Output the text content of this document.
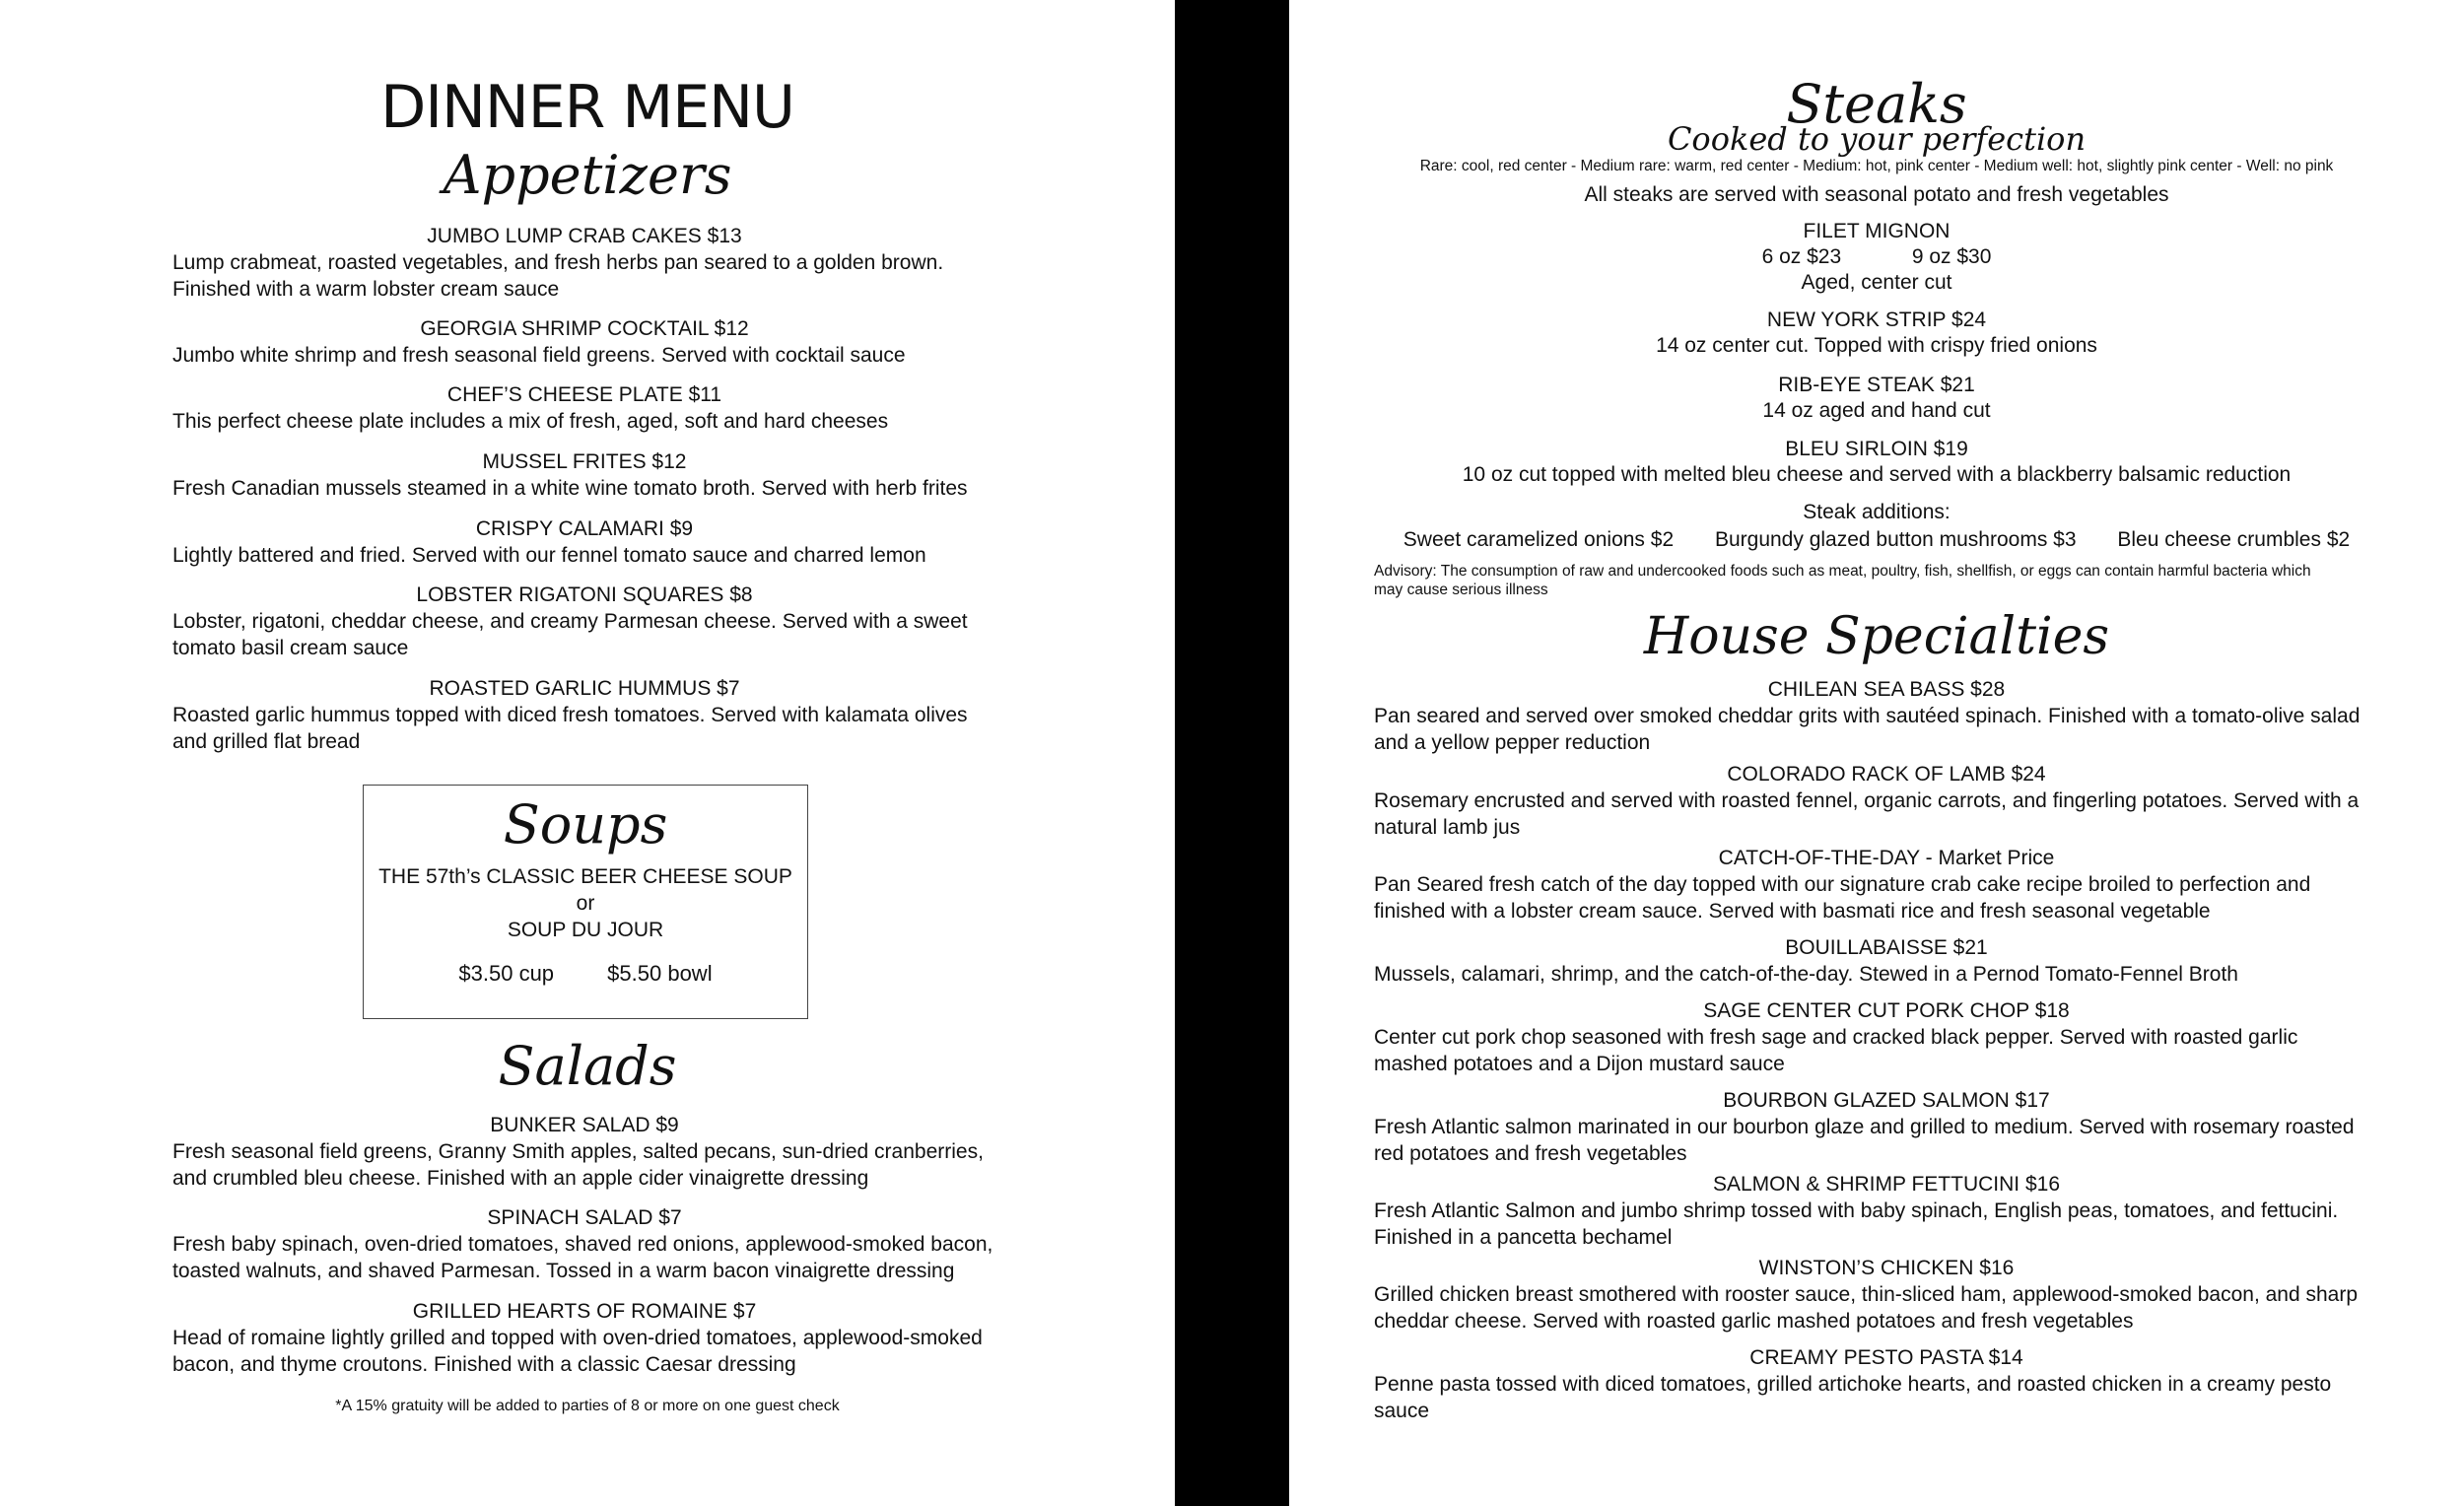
DINNER MENU
Appetizers
JUMBO LUMP CRAB CAKES $13
Lump crabmeat, roasted vegetables, and fresh herbs pan seared to a golden brown.
Finished with a warm lobster cream sauce
GEORGIA SHRIMP COCKTAIL $12
Jumbo white shrimp and fresh seasonal field greens. Served with cocktail sauce
CHEF’S CHEESE PLATE $11
This perfect cheese plate includes a mix of fresh, aged, soft and hard cheeses
MUSSEL FRITES $12
Fresh Canadian mussels steamed in a white wine tomato broth. Served with herb frites
CRISPY CALAMARI $9
Lightly battered and fried. Served with our fennel tomato sauce and charred lemon
LOBSTER RIGATONI SQUARES $8
Lobster, rigatoni, cheddar cheese, and creamy Parmesan cheese. Served with a sweet
tomato basil cream sauce
ROASTED GARLIC HUMMUS $7
Roasted garlic hummus topped with diced fresh tomatoes. Served with kalamata olives
and grilled flat bread
Soups
THE 57th’s CLASSIC BEER CHEESE SOUP
or
SOUP DU JOUR
$3.50 cup $5.50 bowl
Salads
BUNKER SALAD $9
Fresh seasonal field greens, Granny Smith apples, salted pecans, sun-dried cranberries,
and crumbled bleu cheese. Finished with an apple cider vinaigrette dressing
SPINACH SALAD $7
Fresh baby spinach, oven-dried tomatoes, shaved red onions, applewood-smoked bacon,
toasted walnuts, and shaved Parmesan. Tossed in a warm bacon vinaigrette dressing
GRILLED HEARTS OF ROMAINE $7
Head of romaine lightly grilled and topped with oven-dried tomatoes, applewood-smoked
bacon, and thyme croutons. Finished with a classic Caesar dressing
*A 15% gratuity will be added to parties of 8 or more on one guest check
Steaks
Cooked to your perfection
Rare: cool, red center - Medium rare: warm, red center - Medium: hot, pink center - Medium well: hot, slightly pink center - Well: no pink
All steaks are served with seasonal potato and fresh vegetables
FILET MIGNON
6 oz $23	9 oz $30
Aged, center cut
NEW YORK STRIP $24
14 oz center cut. Topped with crispy fried onions
RIB-EYE STEAK $21
14 oz aged and hand cut
BLEU SIRLOIN $19
10 oz cut topped with melted bleu cheese and served with a blackberry balsamic reduction
Steak additions:
Sweet caramelized onions $2 Burgundy glazed button mushrooms $3 Bleu cheese crumbles $2
Advisory: The consumption of raw and undercooked foods such as meat, poultry, fish, shellfish, or eggs can contain harmful bacteria which
may cause serious illness
House Specialties
CHILEAN SEA BASS $28
Pan seared and served over smoked cheddar grits with sautéed spinach. Finished with a tomato-olive salad
and a yellow pepper reduction
COLORADO RACK OF LAMB $24
Rosemary encrusted and served with roasted fennel, organic carrots, and fingerling potatoes. Served with a
natural lamb jus
CATCH-OF-THE-DAY - Market Price
Pan Seared fresh catch of the day topped with our signature crab cake recipe broiled to perfection and
finished with a lobster cream sauce. Served with basmati rice and fresh seasonal vegetable
BOUILLABAISSE $21
Mussels, calamari, shrimp, and the catch-of-the-day. Stewed in a Pernod Tomato-Fennel Broth
SAGE CENTER CUT PORK CHOP $18
Center cut pork chop seasoned with fresh sage and cracked black pepper. Served with roasted garlic
mashed potatoes and a Dijon mustard sauce
BOURBON GLAZED SALMON $17
Fresh Atlantic salmon marinated in our bourbon glaze and grilled to medium. Served with rosemary roasted
red potatoes and fresh vegetables
SALMON & SHRIMP FETTUCINI $16
Fresh Atlantic Salmon and jumbo shrimp tossed with baby spinach, English peas, tomatoes, and fettucini.
Finished in a pancetta bechamel
WINSTON’S CHICKEN $16
Grilled chicken breast smothered with rooster sauce, thin-sliced ham, applewood-smoked bacon, and sharp
cheddar cheese. Served with roasted garlic mashed potatoes and fresh vegetables
CREAMY PESTO PASTA $14
Penne pasta tossed with diced tomatoes, grilled artichoke hearts, and roasted chicken in a creamy pesto
sauce
